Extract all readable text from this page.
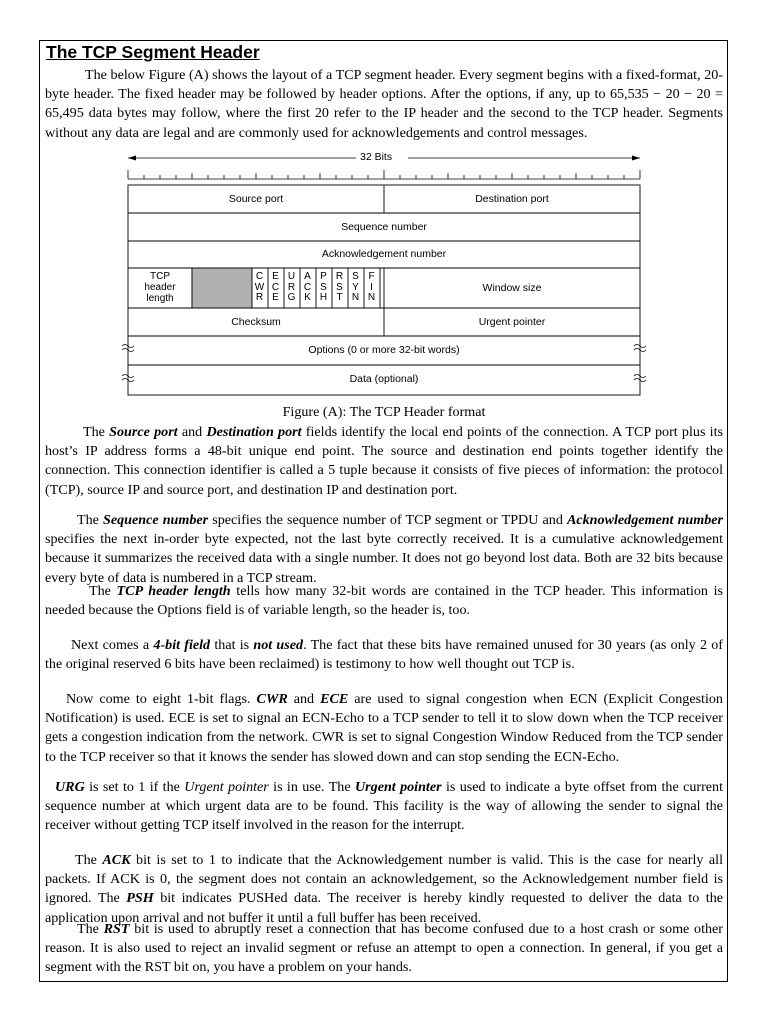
The TCP Segment Header

The below Figure (A) shows the layout of a TCP segment header. Every segment begins with a fixed-format, 20-byte header. The fixed header may be followed by header options. After the options, if any, up to 65,535 − 20 − 20 = 65,495 data bytes may follow, where the first 20 refer to the IP header and the second to the TCP header. Segments without any data are legal and are commonly used for acknowledgements and control messages.

32 Bits
Source port	Destination port
Sequence number
Acknowledgement number
TCP
header
length
C
W
R
E
C
E
U
R
G
A
C
K
P
S
H
R
S
T
S
Y
N
F
I
N
Window size
Checksum	Urgent pointer
Options (0 or more 32-bit words)
Data (optional)

Figure (A): The TCP Header format

The Source port and Destination port fields identify the local end points of the connection. A TCP port plus its host’s IP address forms a 48-bit unique end point. The source and destination end points together identify the connection. This connection identifier is called a 5 tuple because it consists of five pieces of information: the protocol (TCP), source IP and source port, and destination IP and destination port.

The Sequence number specifies the sequence number of TCP segment or TPDU and Acknowledgement number specifies the next in-order byte expected, not the last byte correctly received. It is a cumulative acknowledgement because it summarizes the received data with a single number. It does not go beyond lost data. Both are 32 bits because every byte of data is numbered in a TCP stream.

The TCP header length tells how many 32-bit words are contained in the TCP header. This information is needed because the Options field is of variable length, so the header is, too.

Next comes a 4-bit field that is not used. The fact that these bits have remained unused for 30 years (as only 2 of the original reserved 6 bits have been reclaimed) is testimony to how well thought out TCP is.

Now come to eight 1-bit flags. CWR and ECE are used to signal congestion when ECN (Explicit Congestion Notification) is used. ECE is set to signal an ECN-Echo to a TCP sender to tell it to slow down when the TCP receiver gets a congestion indication from the network. CWR is set to signal Congestion Window Reduced from the TCP sender to the TCP receiver so that it knows the sender has slowed down and can stop sending the ECN-Echo.

URG is set to 1 if the Urgent pointer is in use. The Urgent pointer is used to indicate a byte offset from the current sequence number at which urgent data are to be found. This facility is the way of allowing the sender to signal the receiver without getting TCP itself involved in the reason for the interrupt.

The ACK bit is set to 1 to indicate that the Acknowledgement number is valid. This is the case for nearly all packets. If ACK is 0, the segment does not contain an acknowledgement, so the Acknowledgement number field is ignored. The PSH bit indicates PUSHed data. The receiver is hereby kindly requested to deliver the data to the application upon arrival and not buffer it until a full buffer has been received.

The RST bit is used to abruptly reset a connection that has become confused due to a host crash or some other reason. It is also used to reject an invalid segment or refuse an attempt to open a connection. In general, if you get a segment with the RST bit on, you have a problem on your hands.
